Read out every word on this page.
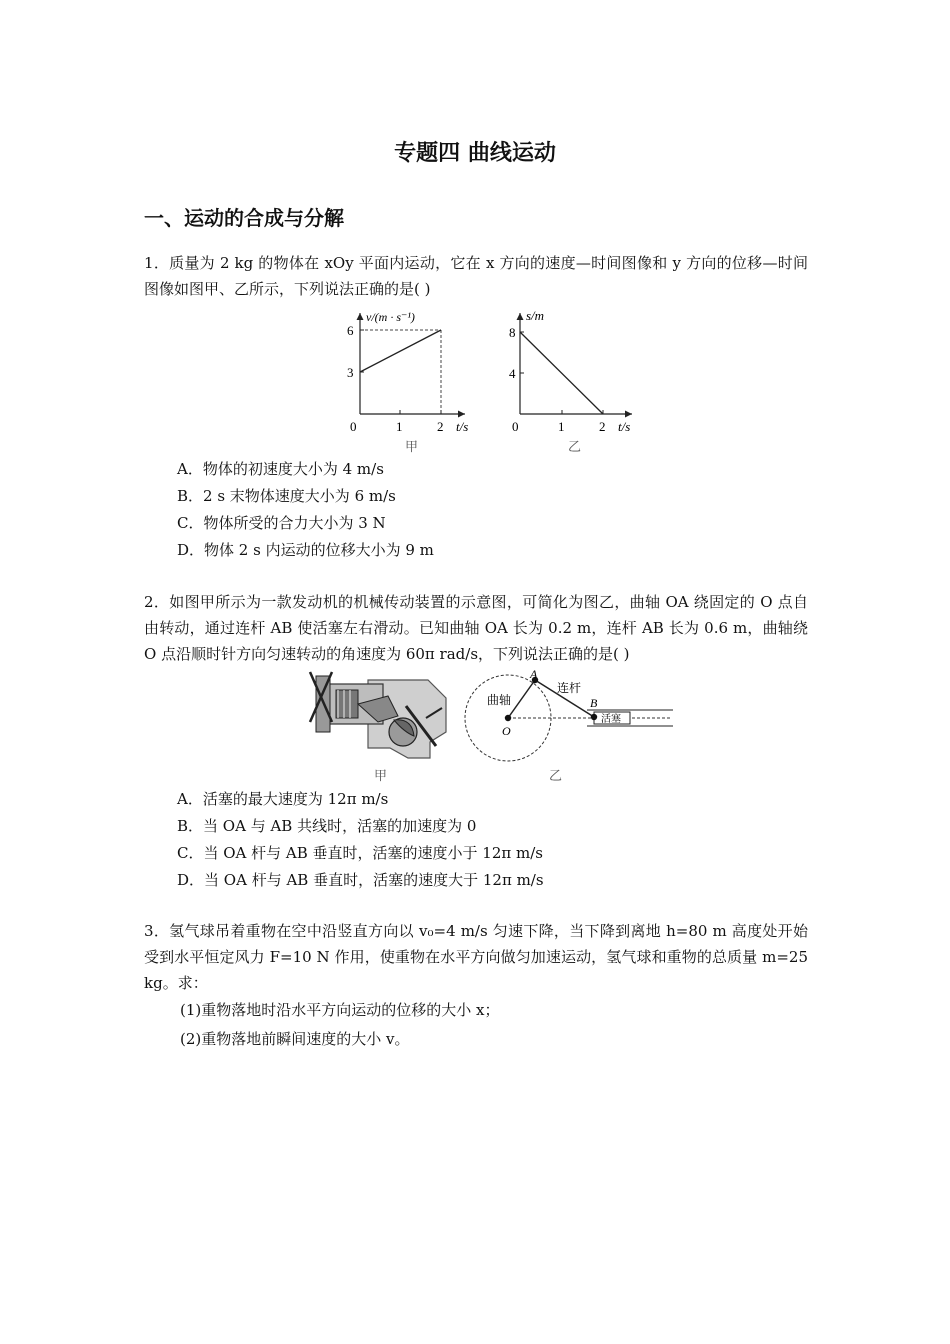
专题四 曲线运动
一、运动的合成与分解
1．质量为 2 kg 的物体在 xOy 平面内运动，它在 x 方向的速度—时间图像和 y 方向的位移—时间图像如图甲、乙所示，下列说法正确的是( )
v/(m · s⁻¹)
6
3
0	1	2 t/s
甲
s/m
8
4
0	1	2 t/s
乙
A．物体的初速度大小为 4 m/s
B．2 s 末物体速度大小为 6 m/s
C．物体所受的合力大小为 3 N
D．物体 2 s 内运动的位移大小为 9 m
2．如图甲所示为一款发动机的机械传动装置的示意图，可简化为图乙，曲轴 OA 绕固定的 O 点自由转动，通过连杆 AB 使活塞左右滑动。已知曲轴 OA 长为 0.2 m，连杆 AB 长为 0.6 m，曲轴绕 O 点沿顺时针方向匀速转动的角速度为 60π rad/s，下列说法正确的是( )
甲
曲轴
连杆
活塞
A
B
O
乙
A．活塞的最大速度为 12π m/s
B．当 OA 与 AB 共线时，活塞的加速度为 0
C．当 OA 杆与 AB 垂直时，活塞的速度小于 12π m/s
D．当 OA 杆与 AB 垂直时，活塞的速度大于 12π m/s
3．氢气球吊着重物在空中沿竖直方向以 v₀=4 m/s 匀速下降，当下降到离地 h=80 m 高度处开始受到水平恒定风力 F=10 N 作用，使重物在水平方向做匀加速运动，氢气球和重物的总质量 m=25 kg。求：
(1)重物落地时沿水平方向运动的位移的大小 x；
(2)重物落地前瞬间速度的大小 v。
